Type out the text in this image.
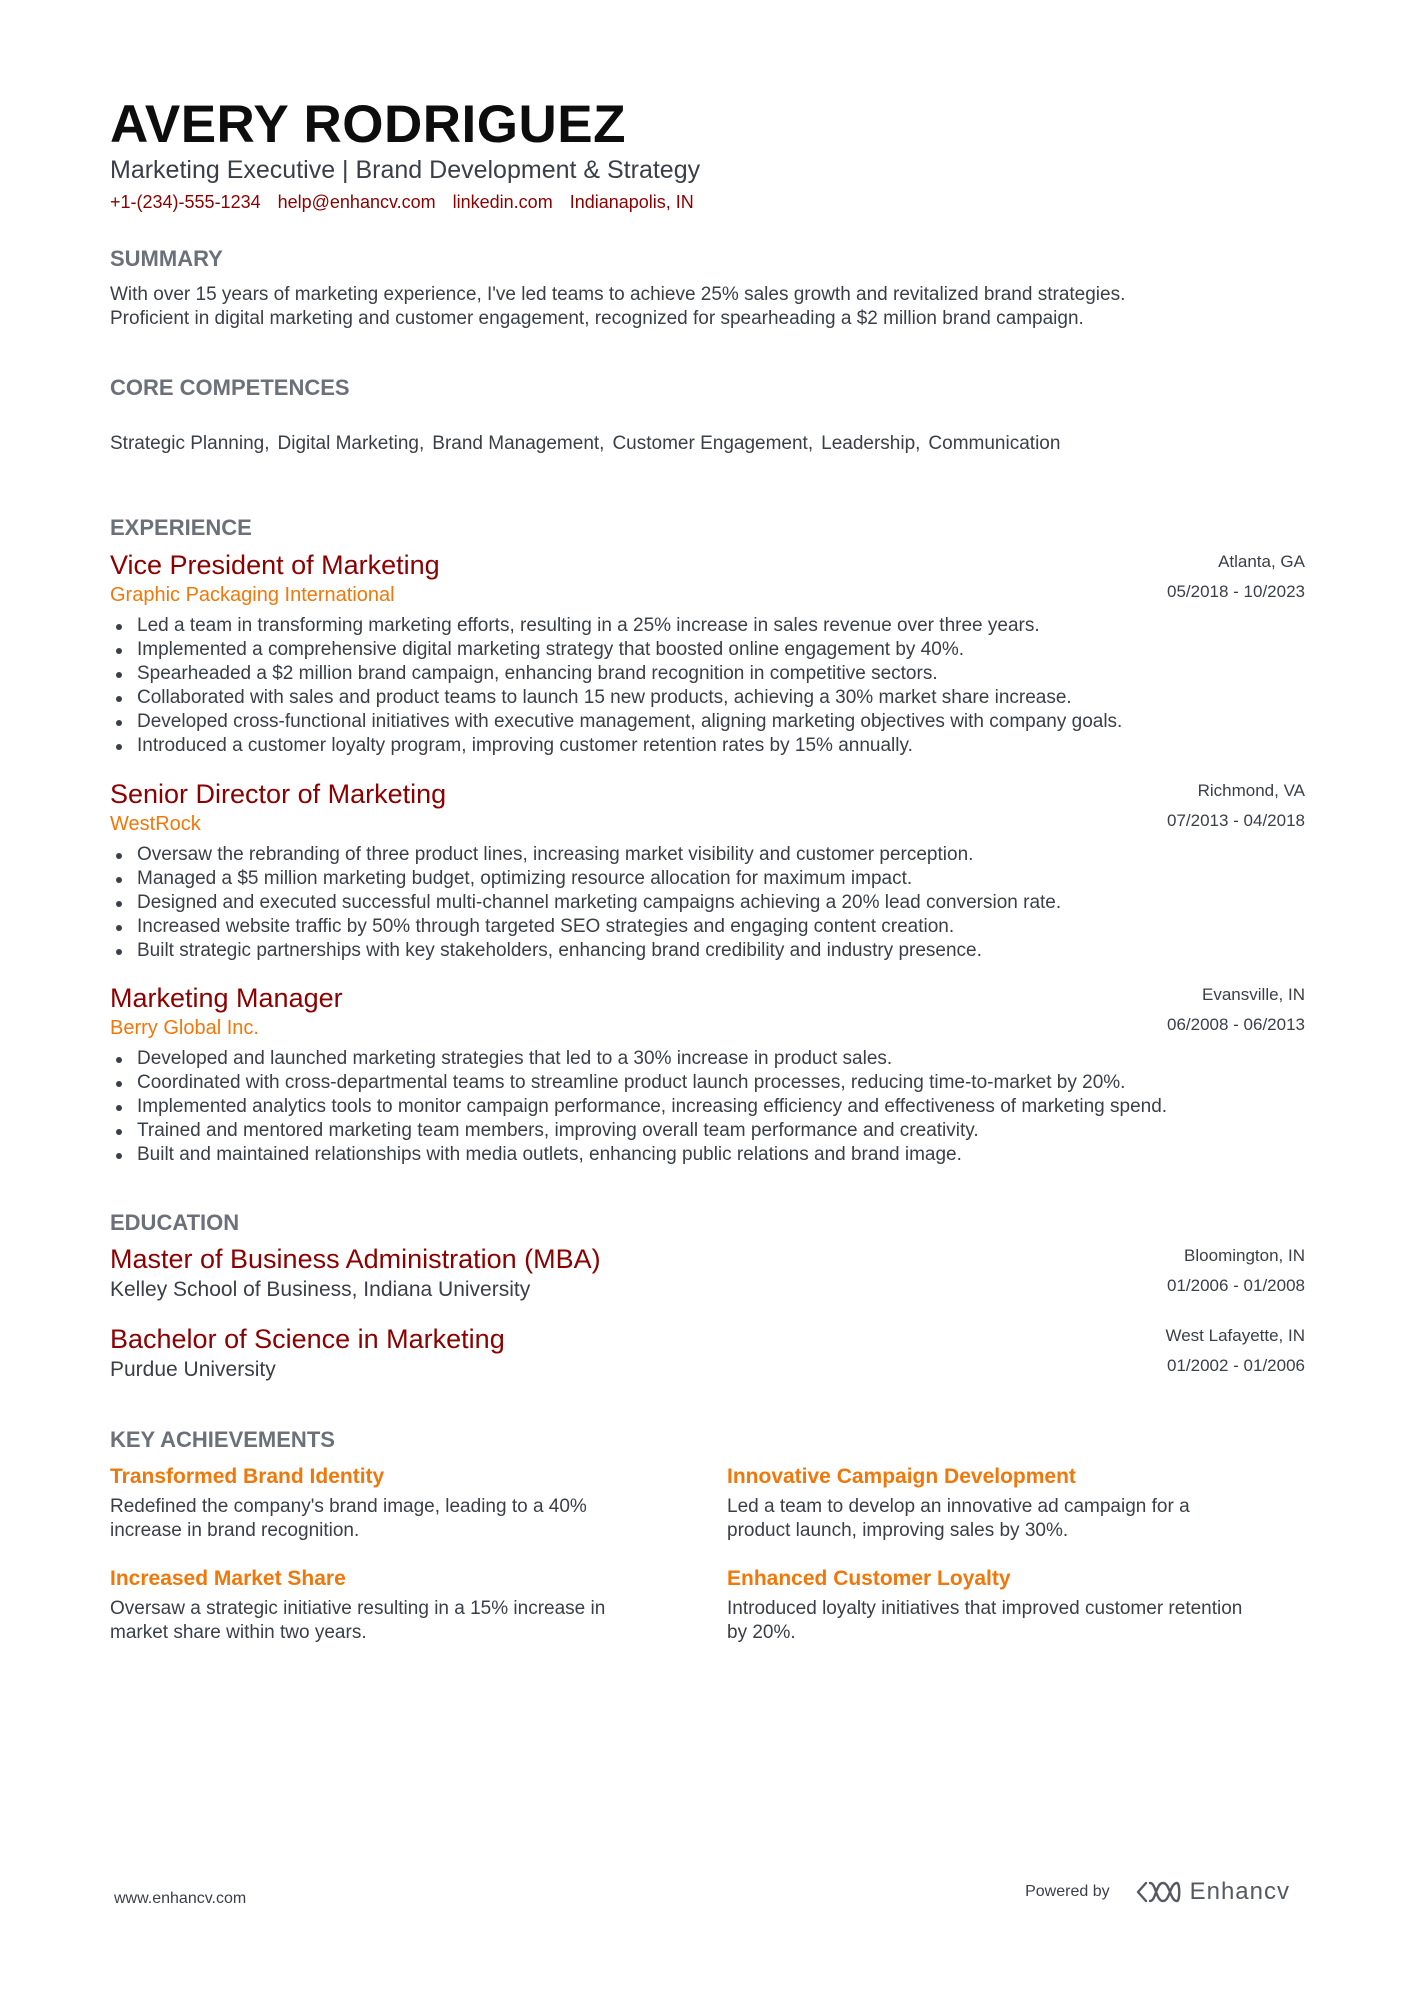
AVERY RODRIGUEZ
Marketing Executive | Brand Development & Strategy
+1-(234)-555-1234 help@enhancv.com linkedin.com Indianapolis, IN
SUMMARY
With over 15 years of marketing experience, I've led teams to achieve 25% sales growth and revitalized brand strategies.
Proficient in digital marketing and customer engagement, recognized for spearheading a $2 million brand campaign.
CORE COMPETENCES
Strategic Planning, Digital Marketing, Brand Management, Customer Engagement, Leadership, Communication
EXPERIENCE
Vice President of Marketing
Graphic Packaging International
Atlanta, GA
05/2018 - 10/2023
Led a team in transforming marketing efforts, resulting in a 25% increase in sales revenue over three years.
Implemented a comprehensive digital marketing strategy that boosted online engagement by 40%.
Spearheaded a $2 million brand campaign, enhancing brand recognition in competitive sectors.
Collaborated with sales and product teams to launch 15 new products, achieving a 30% market share increase.
Developed cross-functional initiatives with executive management, aligning marketing objectives with company goals.
Introduced a customer loyalty program, improving customer retention rates by 15% annually.
Senior Director of Marketing
WestRock
Richmond, VA
07/2013 - 04/2018
Oversaw the rebranding of three product lines, increasing market visibility and customer perception.
Managed a $5 million marketing budget, optimizing resource allocation for maximum impact.
Designed and executed successful multi-channel marketing campaigns achieving a 20% lead conversion rate.
Increased website traffic by 50% through targeted SEO strategies and engaging content creation.
Built strategic partnerships with key stakeholders, enhancing brand credibility and industry presence.
Marketing Manager
Berry Global Inc.
Evansville, IN
06/2008 - 06/2013
Developed and launched marketing strategies that led to a 30% increase in product sales.
Coordinated with cross-departmental teams to streamline product launch processes, reducing time-to-market by 20%.
Implemented analytics tools to monitor campaign performance, increasing efficiency and effectiveness of marketing spend.
Trained and mentored marketing team members, improving overall team performance and creativity.
Built and maintained relationships with media outlets, enhancing public relations and brand image.
EDUCATION
Master of Business Administration (MBA)
Kelley School of Business, Indiana University
Bloomington, IN
01/2006 - 01/2008
Bachelor of Science in Marketing
Purdue University
West Lafayette, IN
01/2002 - 01/2006
KEY ACHIEVEMENTS
Transformed Brand Identity
Redefined the company's brand image, leading to a 40%
increase in brand recognition.
Innovative Campaign Development
Led a team to develop an innovative ad campaign for a
product launch, improving sales by 30%.
Increased Market Share
Oversaw a strategic initiative resulting in a 15% increase in
market share within two years.
Enhanced Customer Loyalty
Introduced loyalty initiatives that improved customer retention
by 20%.
www.enhancv.com	Powered by	Enhancv
